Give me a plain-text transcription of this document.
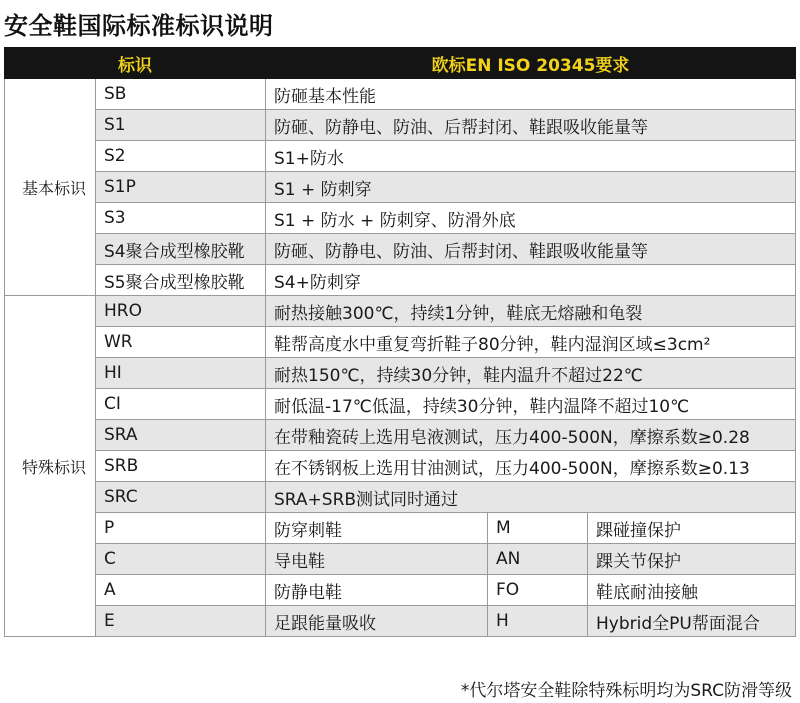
安全鞋国际标准标识说明
标识		欧标EN ISO 20345要求		
基本标识	SB	防砸基本性能		
	S1	防砸、防静电、防油、后帮封闭、鞋跟吸收能量等		
	S2	S1+防水		
	S1P	S1 + 防刺穿		
	S3	S1 + 防水 + 防刺穿、防滑外底		
	S4聚合成型橡胶靴	防砸、防静电、防油、后帮封闭、鞋跟吸收能量等		
	S5聚合成型橡胶靴	S4+防刺穿		
特殊标识	HRO	耐热接触300℃，持续1分钟，鞋底无熔融和龟裂		
	WR	鞋帮高度水中重复弯折鞋子80分钟，鞋内湿润区域≤3cm²		
	HI	耐热150℃，持续30分钟，鞋内温升不超过22℃		
	CI	耐低温-17℃低温，持续30分钟，鞋内温降不超过10℃		
	SRA	在带釉瓷砖上选用皂液测试，压力400-500N，摩擦系数≥0.28		
	SRB	在不锈钢板上选用甘油测试，压力400-500N，摩擦系数≥0.13		
	SRC	SRA+SRB测试同时通过		
	P	防穿刺鞋	M	踝碰撞保护
	C	导电鞋	AN	踝关节保护
	A	防静电鞋	FO	鞋底耐油接触
	E	足跟能量吸收	H	Hybrid全PU帮面混合
*代尔塔安全鞋除特殊标明均为SRC防滑等级
